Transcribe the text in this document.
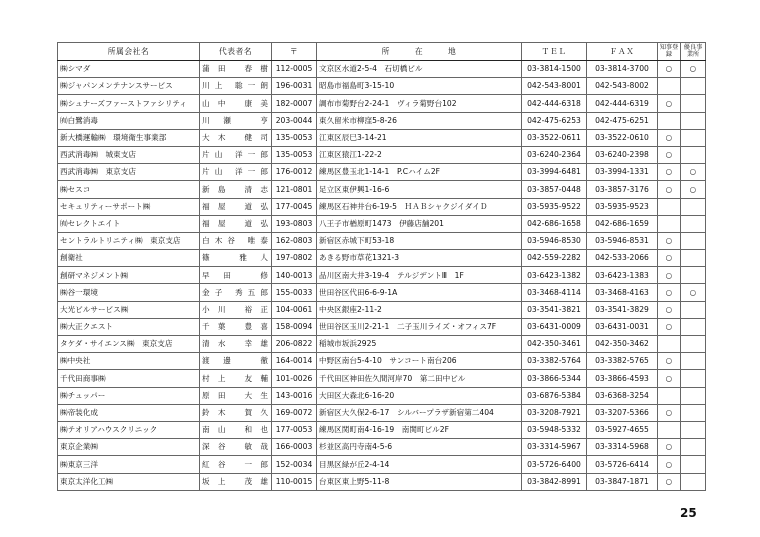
所属会社名	代表者名	〒	所　　　在　　　地	ＴＥＬ	ＦＡＸ	知事登録	優良事業所
㈱シマダ	蒲田 春樹	112-0005	文京区水道2-5-4　石切橋ビル	03-3814-1500	03-3814-3700	○	○
㈱ジャパンメンテナンスサービス	川上 聡一朗	196-0031	昭島市福島町3-15-10	042-543-8001	042-543-8002		
㈱シュナーズファーストファシリティ	山中 康美	182-0007	調布市菊野台2-24-1　ヴィラ菊野台102	042-444-6318	042-444-6319	○	
㈲白鷺消毒	川瀬 亨	203-0044	東久留米市柳窪5-8-26	042-475-6253	042-475-6251		
新大橋運輸㈱　環境衛生事業部	大木 健司	135-0053	江東区辰巳3-14-21	03-3522-0611	03-3522-0610	○	
西武消毒㈱　城東支店	片山 洋一郎	135-0053	江東区猿江1-22-2	03-6240-2364	03-6240-2398	○	
西武消毒㈱　東京支店	片山 洋一郎	176-0012	練馬区豊玉北1-14-1　P.Cハイム2F	03-3994-6481	03-3994-1331	○	○
㈱セスコ	新島 清志	121-0801	足立区東伊興1-16-6	03-3857-0448	03-3857-3176	○	○
セキュリティーサポート㈱	福屋 道弘	177-0045	練馬区石神井台6-19-5　ＨＡＢシャクジイダイＤ	03-5935-9522	03-5935-9523		
㈲セレクトエイト	福屋 道弘	193-0803	八王子市楢原町1473　伊藤店舗201	042-686-1658	042-686-1659		
セントラルトリニティ㈱　東京支店	白木谷 唯泰	162-0803	新宿区赤城下町53-18	03-5946-8530	03-5946-8531	○	
創衛社	篠 雅人	197-0802	あきる野市草花1321-3	042-559-2282	042-533-2066	○	
創研マネジメント㈱	早田 修	140-0013	品川区南大井3-19-4　テルジデントⅢ　1F	03-6423-1382	03-6423-1383	○	
㈱谷一環境	金子 秀五郎	155-0033	世田谷区代田6-6-9-1A	03-3468-4114	03-3468-4163	○	○
大光ビルサービス㈱	小川 裕正	104-0061	中央区銀座2-11-2	03-3541-3821	03-3541-3829	○	
㈱大正クエスト	千葉 豊喜	158-0094	世田谷区玉川2-21-1　二子玉川ライズ・オフィス7F	03-6431-0009	03-6431-0031	○	
タケダ・サイエンス㈱　東京支店	清水 幸雄	206-0822	稲城市坂浜2925	042-350-3461	042-350-3462		
㈱中央社	渡邊 徹	164-0014	中野区南台5-4-10　サンコート南台206	03-3382-5764	03-3382-5765	○	
千代田商事㈱	村上 友輔	101-0026	千代田区神田佐久間河岸70　第二田中ビル	03-3866-5344	03-3866-4593	○	
㈱チュッパー	原田 大生	143-0016	大田区大森北6-16-20	03-6876-5384	03-6368-3254		
㈱帝装化成	鈴木 賀久	169-0072	新宿区大久保2-6-17　シルバープラザ新宿第二404	03-3208-7921	03-3207-5366	○	
㈱テオリアハウスクリニック	南山 和也	177-0053	練馬区関町南4-16-19　南関町ビル2F	03-5948-5332	03-5927-4655		
東京企業㈱	深谷 敏哉	166-0003	杉並区高円寺南4-5-6	03-3314-5967	03-3314-5968	○	
㈱東京三洋	紅谷 一郎	152-0034	目黒区緑が丘2-4-14	03-5726-6400	03-5726-6414	○	
東京太洋化工㈱	坂上 茂雄	110-0015	台東区東上野5-11-8	03-3842-8991	03-3847-1871	○	
25
